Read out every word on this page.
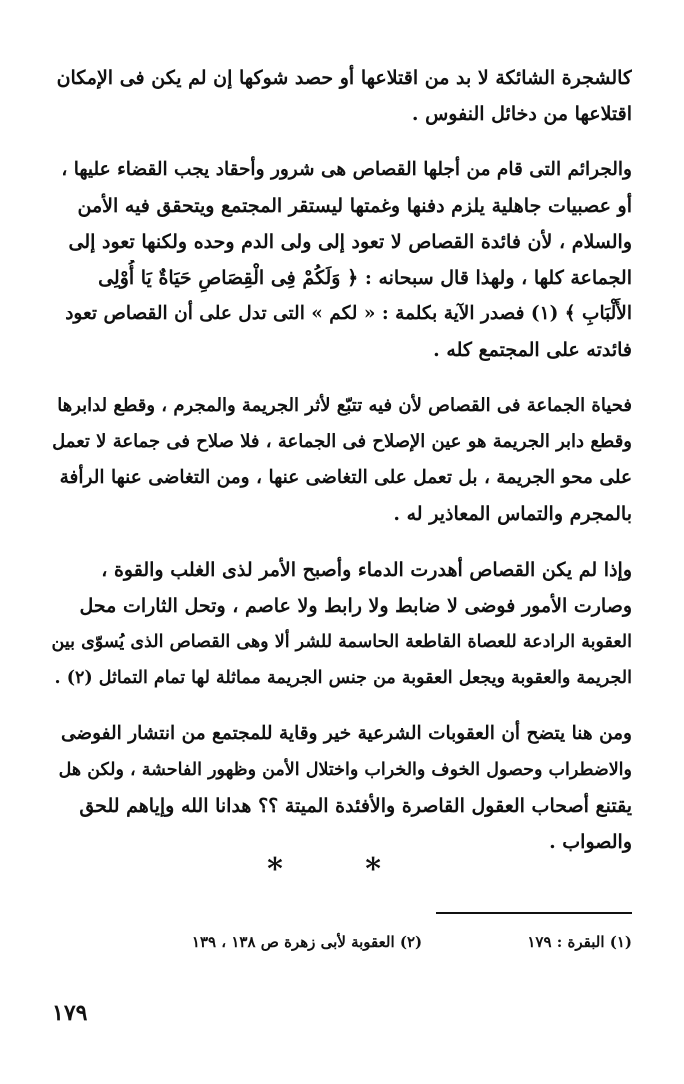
كالشجرة الشائكة لا بد من اقتلاعها أو حصد شوكها إن لم يكن فى الإمكان
اقتلاعها من دخائل النفوس .
والجرائم التى قام من أجلها القصاص هى شرور وأحقاد يجب القضاء عليها ،
أو عصبيات جاهلية يلزم دفنها وغمتها ليستقر المجتمع ويتحقق فيه الأمن
والسلام ، لأن فائدة القصاص لا تعود إلى ولى الدم وحده ولكنها تعود إلى
الجماعة كلها ، ولهذا قال سبحانه : ﴿ وَلَكُمْ فِى الْقِصَاصِ حَيَاةٌ يَا أُوْلِى
الأَلْبَابِ ﴾ (١) فصدر الآية بكلمة : « لكم » التى تدل على أن القصاص تعود
فائدته على المجتمع كله .
فحياة الجماعة فى القصاص لأن فيه تتبّع لأثر الجريمة والمجرم ، وقطع لدابرها
وقطع دابر الجريمة هو عين الإصلاح فى الجماعة ، فلا صلاح فى جماعة لا تعمل
على محو الجريمة ، بل تعمل على التغاضى عنها ، ومن التغاضى عنها الرأفة
بالمجرم والتماس المعاذير له .
وإذا لم يكن القصاص أهدرت الدماء وأصبح الأمر لذى الغلب والقوة ،
وصارت الأمور فوضى لا ضابط ولا رابط ولا عاصم ، وتحل الثارات محل
العقوبة الرادعة للعصاة القاطعة الحاسمة للشر ألا وهى القصاص الذى يُسوّى بين
الجريمة والعقوبة ويجعل العقوبة من جنس الجريمة مماثلة لها تمام التماثل (٢) .
ومن هنا يتضح أن العقوبات الشرعية خير وقاية للمجتمع من انتشار الفوضى
والاضطراب وحصول الخوف والخراب واختلال الأمن وظهور الفاحشة ، ولكن هل
يقتنع أصحاب العقول القاصرة والأفئدة الميتة ؟؟ هدانا الله وإياهم للحق
والصواب .
* *
(١) البقرة : ١٧٩ (٢) العقوبة لأبى زهرة ص ١٣٨ ، ١٣٩
١٧٩
